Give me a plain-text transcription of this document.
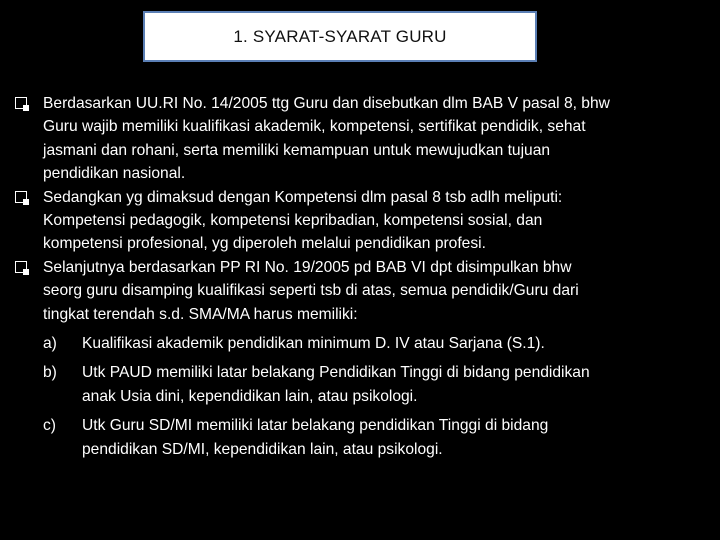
1. SYARAT-SYARAT GURU
Berdasarkan UU.RI No. 14/2005 ttg Guru dan disebutkan dlm BAB V pasal 8, bhw
Guru wajib memiliki kualifikasi akademik, kompetensi, sertifikat pendidik, sehat
jasmani dan rohani, serta memiliki kemampuan untuk mewujudkan tujuan
pendidikan nasional.
Sedangkan yg dimaksud dengan Kompetensi dlm pasal 8 tsb adlh meliputi:
Kompetensi pedagogik, kompetensi kepribadian, kompetensi sosial, dan
kompetensi profesional, yg diperoleh melalui pendidikan profesi.
Selanjutnya berdasarkan PP RI No. 19/2005 pd BAB VI dpt disimpulkan bhw
seorg guru disamping kualifikasi seperti tsb di atas, semua pendidik/Guru dari
tingkat terendah s.d. SMA/MA harus memiliki:
a)	Kualifikasi akademik pendidikan minimum D. IV atau Sarjana (S.1).
b)	Utk PAUD memiliki latar belakang Pendidikan Tinggi di bidang pendidikan
anak Usia dini, kependidikan lain, atau psikologi.
c)	Utk Guru SD/MI memiliki latar belakang pendidikan Tinggi di bidang
pendidikan SD/MI, kependidikan lain, atau psikologi.
